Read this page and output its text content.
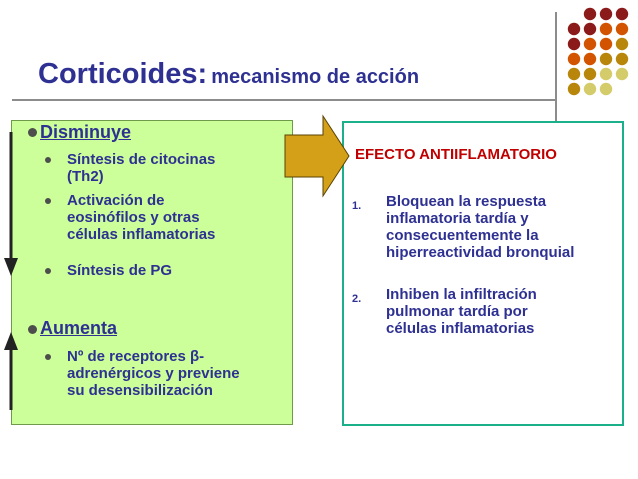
Corticoides: mecanismo de acción
Disminuye
Síntesis de citocinas
(Th2)
Activación de
eosinófilos y otras
células inflamatorias
Síntesis de PG
Aumenta
Nº de receptores β-
adrenérgicos y previene
su desensibilización
EFECTO ANTIIFLAMATORIO
1. Bloquean la respuesta
inflamatoria tardía y
consecuentemente la
hiperreactividad bronquial
2. Inhiben la infiltración
pulmonar tardía por
células inflamatorias
